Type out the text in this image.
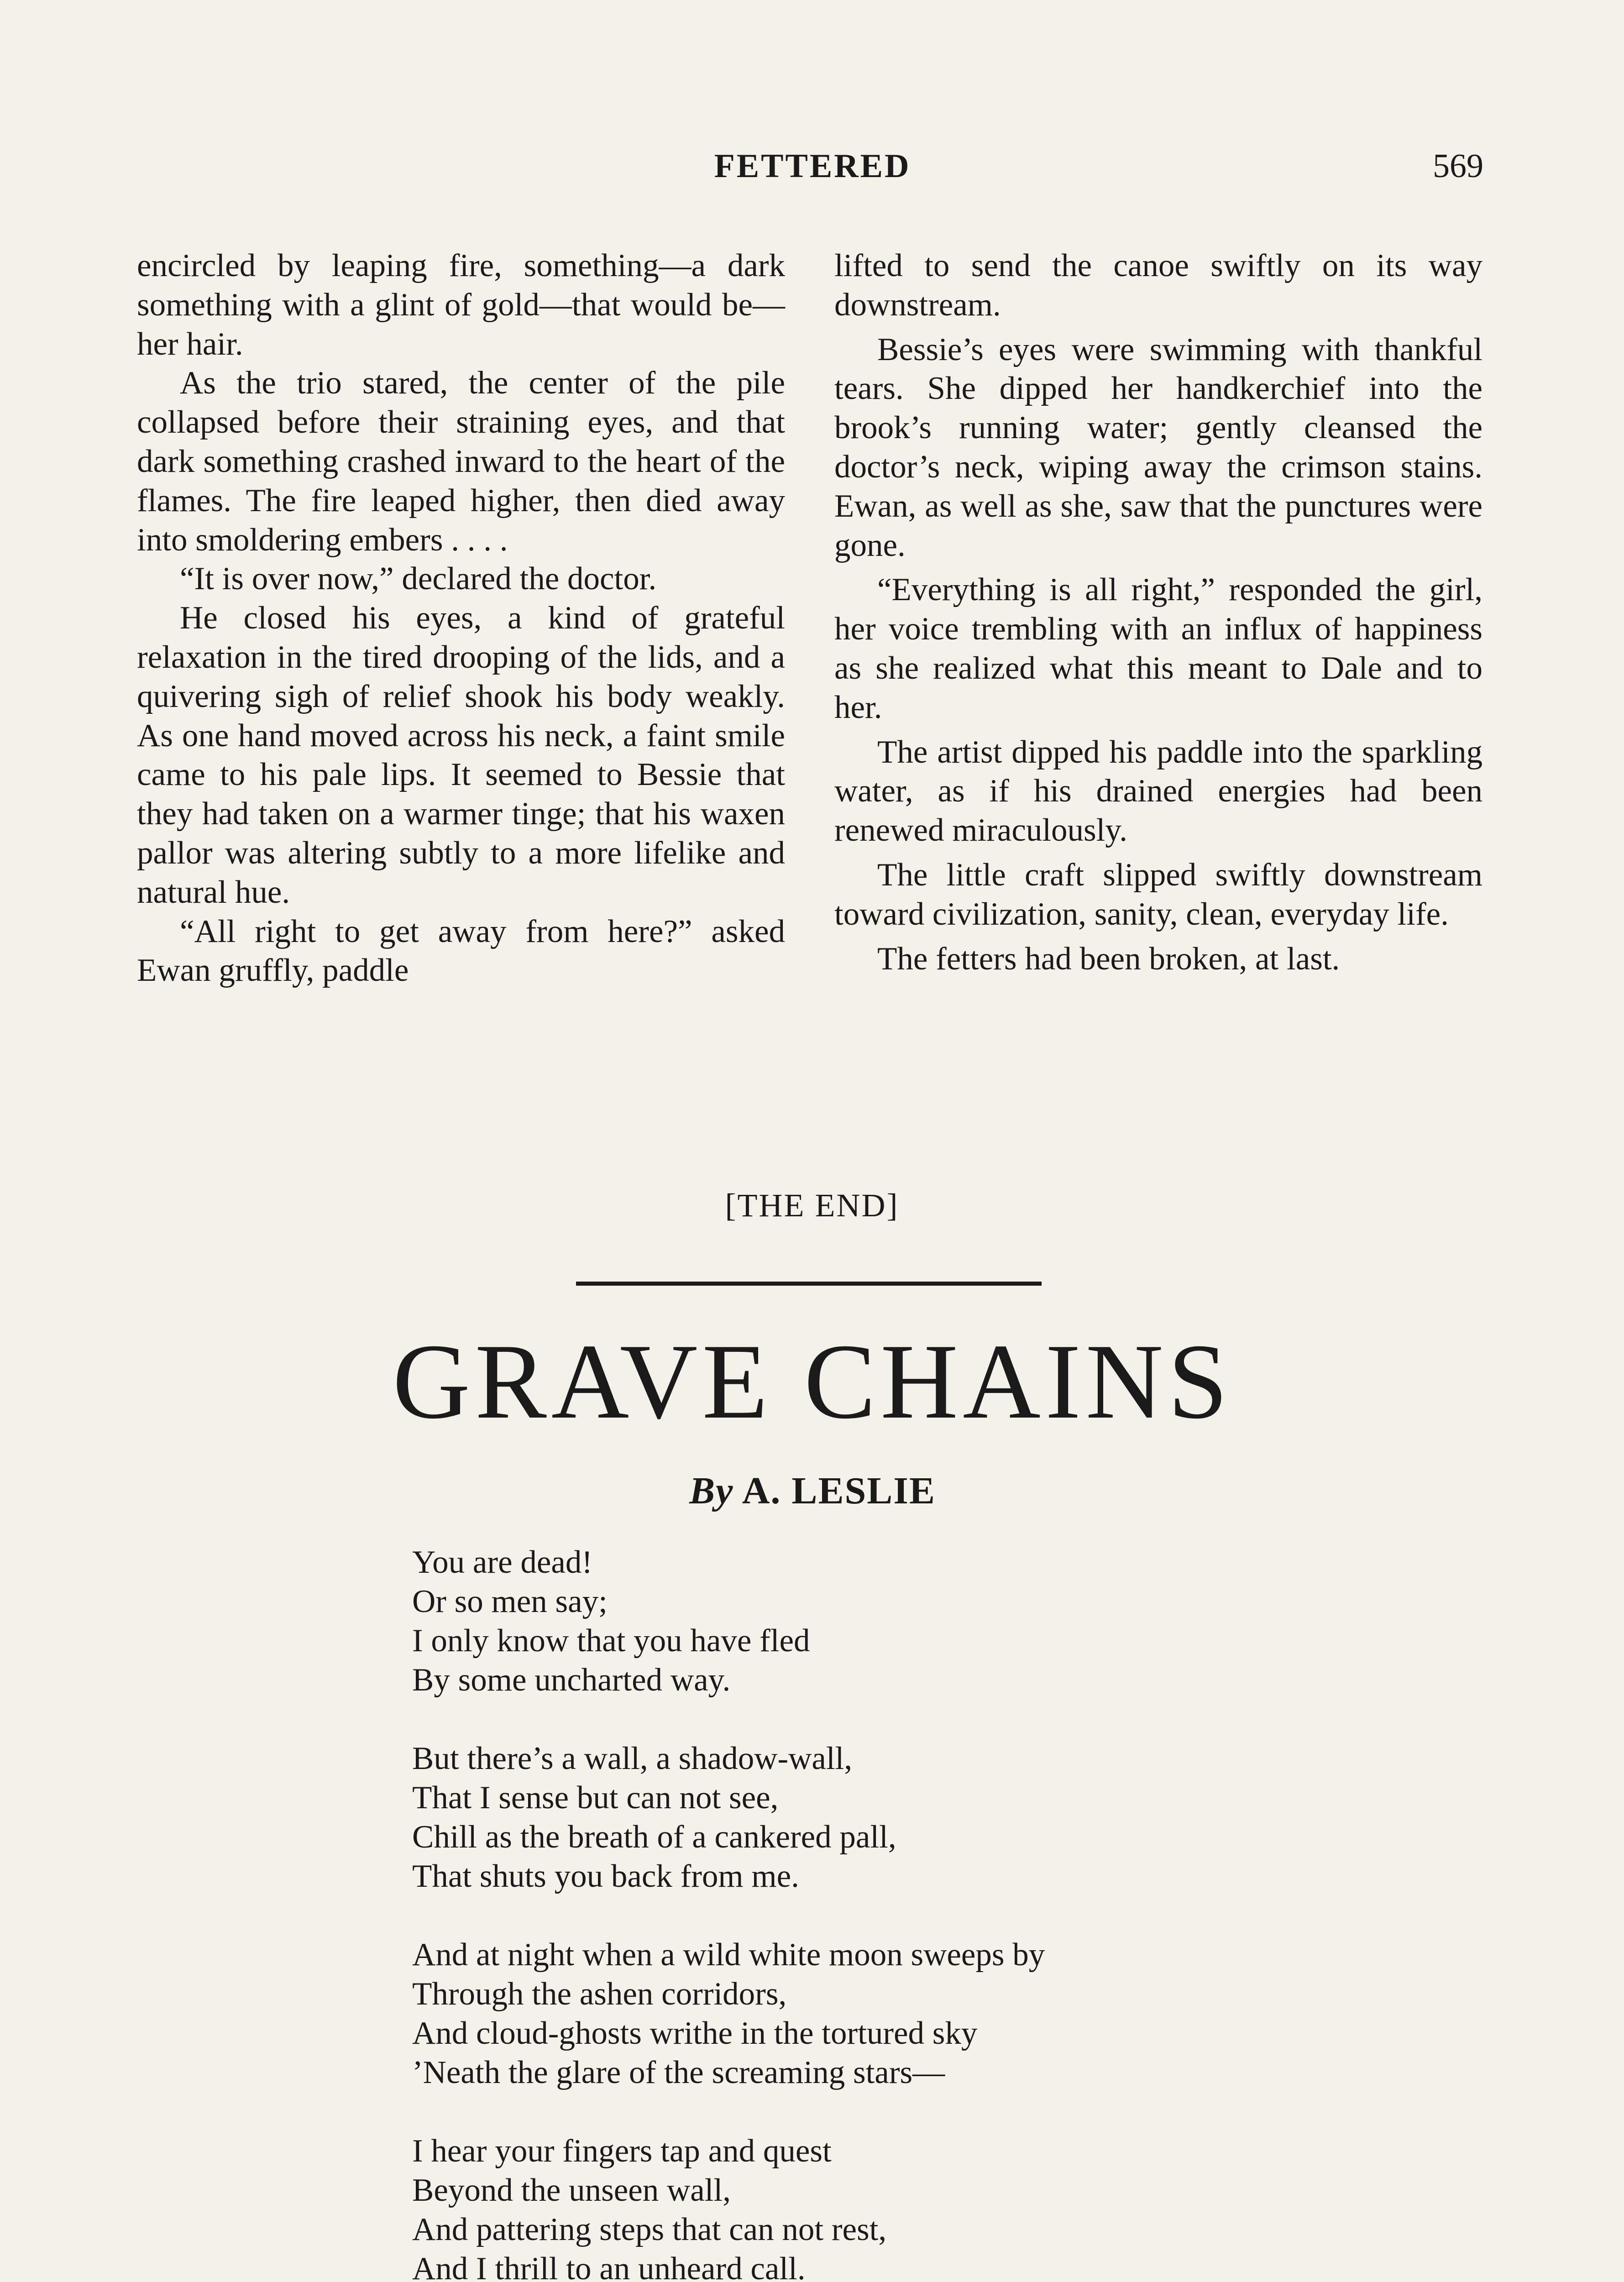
FETTERED	569

encircled by leaping fire, something—a dark something with a glint of gold—that would be—her hair.

As the trio stared, the center of the pile collapsed before their straining eyes, and that dark something crashed inward to the heart of the flames. The fire leaped higher, then died away into smoldering embers . . . .

“It is over now,” declared the doctor.

He closed his eyes, a kind of grateful relaxation in the tired drooping of the lids, and a quivering sigh of relief shook his body weakly. As one hand moved across his neck, a faint smile came to his pale lips. It seemed to Bessie that they had taken on a warmer tinge; that his waxen pallor was altering subtly to a more lifelike and natural hue.

“All right to get away from here?” asked Ewan gruffly, paddle

lifted to send the canoe swiftly on its way downstream.

Bessie’s eyes were swimming with thankful tears. She dipped her handkerchief into the brook’s running water; gently cleansed the doctor’s neck, wiping away the crimson stains. Ewan, as well as she, saw that the punctures were gone.

“Everything is all right,” responded the girl, her voice trembling with an influx of happiness as she realized what this meant to Dale and to her.

The artist dipped his paddle into the sparkling water, as if his drained energies had been renewed miraculously.

The little craft slipped swiftly downstream toward civilization, sanity, clean, everyday life.

The fetters had been broken, at last.

[THE END]
GRAVE CHAINS
By A. LESLIE
You are dead!
Or so men say;
I only know that you have fled
By some uncharted way.
But there’s a wall, a shadow-wall,
That I sense but can not see,
Chill as the breath of a cankered pall,
That shuts you back from me.
And at night when a wild white moon sweeps by
Through the ashen corridors,
And cloud-ghosts writhe in the tortured sky
’Neath the glare of the screaming stars—
I hear your fingers tap and quest
Beyond the unseen wall,
And pattering steps that can not rest,
And I thrill to an unheard call.
